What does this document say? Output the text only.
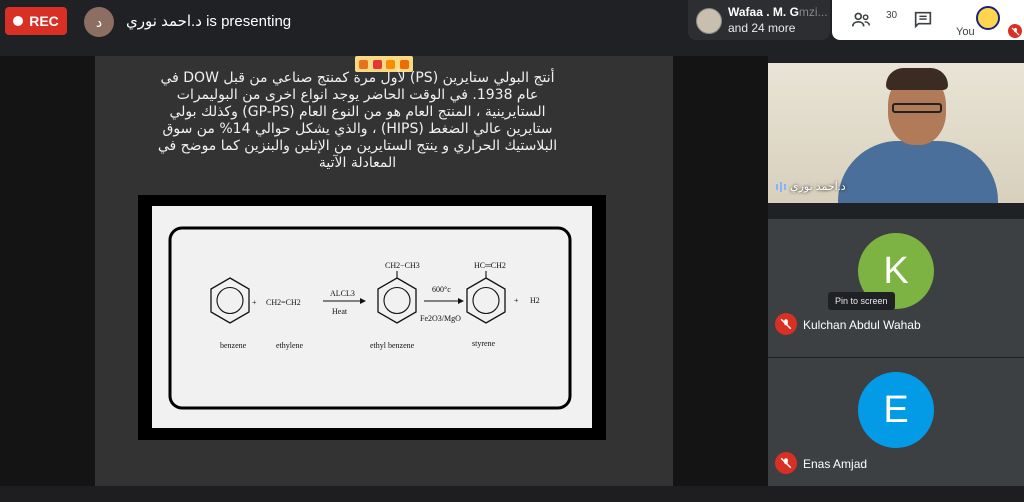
REC	د	د.احمد نوري is presenting
Wafaa . M. Gmzi...
and 24 more
30
You
أنتج البولي ستايرين (PS) لأول مرة كمنتج صناعي من قبل DOW في
عام 1938. في الوقت الحاضر يوجد انواع اخرى من البوليمرات
الستايرينية ، المنتج العام هو من النوع العام (GP-PS) وكذلك بولي
ستايرين عالي الضغط (HIPS) ، والذي يشكل حوالي 14% من سوق
البلاستيك الحراري و ينتج الستايرين من الإثلين والبنزين كما موضح في
المعادلة الآتية
benzene
+ CH2=CH2
ethylene
ALCL3
Heat
CH2−CH3
ethyl benzene
600°c
Fe2O3/MgO
HC═CH2
styrene
+ H2
د.احمد نوري
K
Kulchan Abdul Wahab
Pin to screen
E
Enas Amjad
